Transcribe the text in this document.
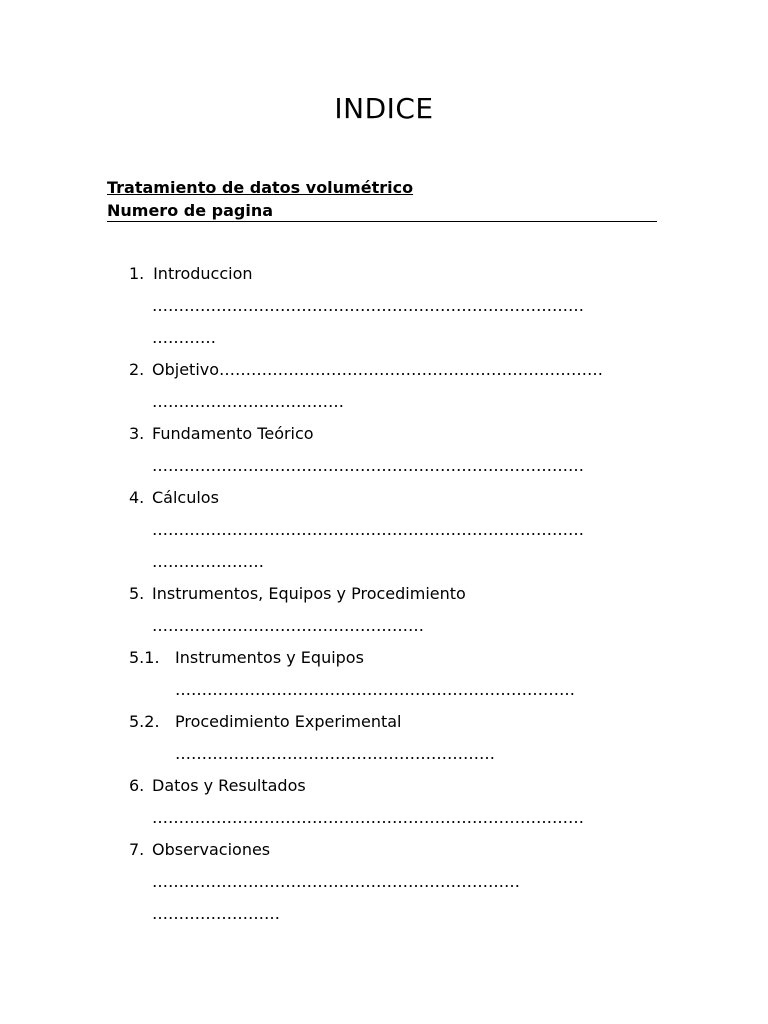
INDICE
Tratamiento de datos volumétrico
Numero de pagina
1. Introduccion
………………………………………………………………………
…………
2. Objetivo………………………………………………………………
………………………………
3. Fundamento Teórico
………………………………………………………………………
4. Cálculos
………………………………………………………………………
…………………
5. Instrumentos, Equipos y Procedimiento
……………………………………………
5.1. Instrumentos y Equipos
…………………………………………………………………
5.2. Procedimiento Experimental
……………………………………………………
6. Datos y Resultados
………………………………………………………………………
7. Observaciones
……………………………………………………………
……………………
